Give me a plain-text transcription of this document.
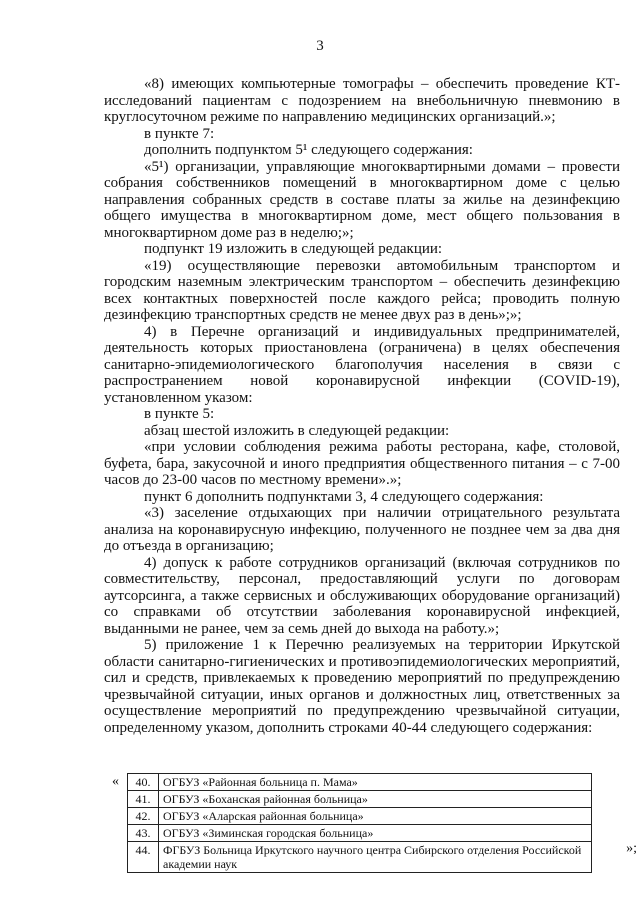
3

«8) имеющих компьютерные томографы – обеспечить проведение КТ-исследований пациентам с подозрением на внебольничную пневмонию в круглосуточном режиме по направлению медицинских организаций.»;

в пункте 7:

дополнить подпунктом 5¹ следующего содержания:

«5¹) организации, управляющие многоквартирными домами – провести собрания собственников помещений в многоквартирном доме с целью направления собранных средств в составе платы за жилье на дезинфекцию общего имущества в многоквартирном доме, мест общего пользования в многоквартирном доме раз в неделю;»;

подпункт 19 изложить в следующей редакции:

«19) осуществляющие перевозки автомобильным транспортом и городским наземным электрическим транспортом – обеспечить дезинфекцию всех контактных поверхностей после каждого рейса; проводить полную дезинфекцию транспортных средств не менее двух раз в день»;»;

4) в Перечне организаций и индивидуальных предпринимателей, деятельность которых приостановлена (ограничена) в целях обеспечения санитарно-эпидемиологического благополучия населения в связи с распространением новой коронавирусной инфекции (COVID-19), установленном указом:

в пункте 5:

абзац шестой изложить в следующей редакции:

«при условии соблюдения режима работы ресторана, кафе, столовой, буфета, бара, закусочной и иного предприятия общественного питания – с 7-00 часов до 23-00 часов по местному времени».»;

пункт 6 дополнить подпунктами 3, 4 следующего содержания:

«3) заселение отдыхающих при наличии отрицательного результата анализа на коронавирусную инфекцию, полученного не позднее чем за два дня до отъезда в организацию;

4) допуск к работе сотрудников организаций (включая сотрудников по совместительству, персонал, предоставляющий услуги по договорам аутсорсинга, а также сервисных и обслуживающих оборудование организаций) со справками об отсутствии заболевания коронавирусной инфекцией, выданными не ранее, чем за семь дней до выхода на работу.»;

5) приложение 1 к Перечню реализуемых на территории Иркутской области санитарно-гигиенических и противоэпидемиологических мероприятий, сил и средств, привлекаемых к проведению мероприятий по предупреждению чрезвычайной ситуации, иных органов и должностных лиц, ответственных за осуществление мероприятий по предупреждению чрезвычайной ситуации, определенному указом, дополнить строками 40-44 следующего содержания:

« 40.	ОГБУЗ «Районная больница п. Мама»
41.	ОГБУЗ «Боханская районная больница»
42.	ОГБУЗ «Аларская районная больница»
43.	ОГБУЗ «Зиминская городская больница»
44.	ФГБУЗ Больница Иркутского научного центра Сибирского отделения Российской академии наук
»;
